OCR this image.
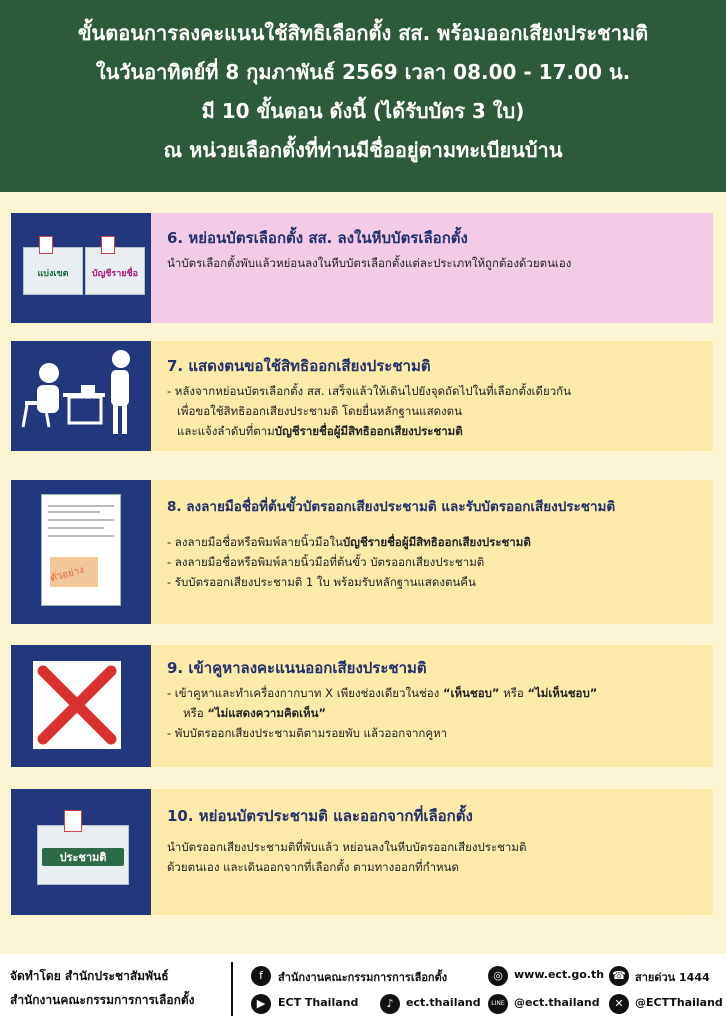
ขั้นตอนการลงคะแนนใช้สิทธิเลือกตั้ง สส. พร้อมออกเสียงประชามติ
ในวันอาทิตย์ที่ 8 กุมภาพันธ์ 2569 เวลา 08.00 - 17.00 น.
มี 10 ขั้นตอน ดังนี้ (ได้รับบัตร 3 ใบ)
ณ หน่วยเลือกตั้งที่ท่านมีชื่ออยู่ตามทะเบียนบ้าน
แบ่งเขต	บัญชีรายชื่อ
6. หย่อนบัตรเลือกตั้ง สส. ลงในหีบบัตรเลือกตั้ง
นำบัตรเลือกตั้งพับแล้วหย่อนลงในหีบบัตรเลือกตั้งแต่ละประเภทให้ถูกต้องด้วยตนเอง
7. แสดงตนขอใช้สิทธิออกเสียงประชามติ
- หลังจากหย่อนบัตรเลือกตั้ง สส. เสร็จแล้วให้เดินไปยังจุดถัดไปในที่เลือกตั้งเดียวกัน
เพื่อขอใช้สิทธิออกเสียงประชามติ โดยยื่นหลักฐานแสดงตน
และแจ้งลำดับที่ตามบัญชีรายชื่อผู้มีสิทธิออกเสียงประชามติ
ตัวอย่าง
8. ลงลายมือชื่อที่ต้นขั้วบัตรออกเสียงประชามติ และรับบัตรออกเสียงประชามติ
- ลงลายมือชื่อหรือพิมพ์ลายนิ้วมือในบัญชีรายชื่อผู้มีสิทธิออกเสียงประชามติ
- ลงลายมือชื่อหรือพิมพ์ลายนิ้วมือที่ต้นขั้ว บัตรออกเสียงประชามติ
- รับบัตรออกเสียงประชามติ 1 ใบ พร้อมรับหลักฐานแสดงตนคืน
9. เข้าคูหาลงคะแนนออกเสียงประชามติ
- เข้าคูหาและทำเครื่องกากบาท X เพียงช่องเดียวในช่อง “เห็นชอบ” หรือ “ไม่เห็นชอบ”
หรือ “ไม่แสดงความคิดเห็น”
- พับบัตรออกเสียงประชามติตามรอยพับ แล้วออกจากคูหา
ประชามติ
10. หย่อนบัตรประชามติ และออกจากที่เลือกตั้ง
นำบัตรออกเสียงประชามติที่พับแล้ว หย่อนลงในหีบบัตรออกเสียงประชามติ
ด้วยตนเอง และเดินออกจากที่เลือกตั้ง ตามทางออกที่กำหนด
จัดทำโดย สำนักประชาสัมพันธ์
สำนักงานคณะกรรมการการเลือกตั้ง
f	สำนักงานคณะกรรมการการเลือกตั้ง	◎	www.ect.go.th ☎ สายด่วน 1444
▶	ECT Thailand	♪	ect.thailand	LINE @ect.thailand	✕	@ECTThailand
